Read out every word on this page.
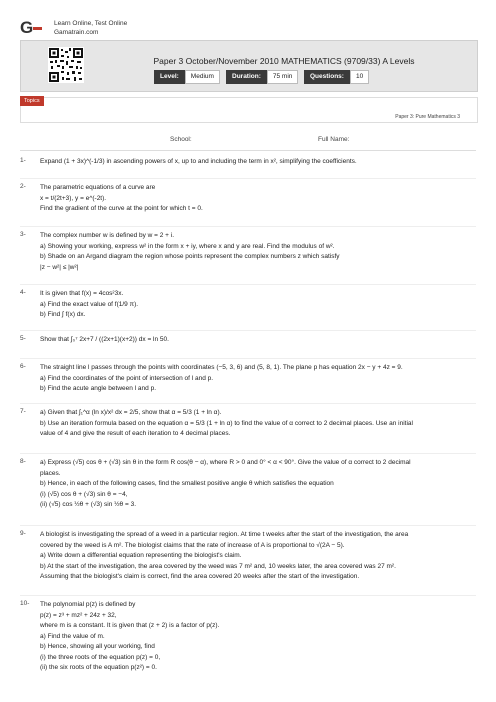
G	Learn Online, Test Online
Gamatrain.com
Paper 3 October/November 2010 MATHEMATICS (9709/33) A Levels
Level:	Medium	Duration:	75 min	Questions:	10
Topics
Paper 3: Pure Mathematics 3
School:	Full Name:
1- Expand (1 + 3x)^(-1/3) in ascending powers of x, up to and including the term in x², simplifying the coefficients.
2- The parametric equations of a curve are
x = t/(2t+3), y = e^(-2t).
Find the gradient of the curve at the point for which t = 0.
3- The complex number w is defined by w = 2 + i.
a) Showing your working, express w² in the form x + iy, where x and y are real. Find the modulus of w².
b) Shade on an Argand diagram the region whose points represent the complex numbers z which satisfy
|z − w²| ≤ |w²|
4- It is given that f(x) = 4cos²3x.
a) Find the exact value of f(1/9 π).
b) Find ∫ f(x) dx.
5- Show that ∫₀⁷ 2x+7 / ((2x+1)(x+2)) dx = ln 50.
6- The straight line l passes through the points with coordinates (−5, 3, 6) and (5, 8, 1). The plane p has equation 2x − y + 4z = 9.
a) Find the coordinates of the point of intersection of l and p.
b) Find the acute angle between l and p.
7- a) Given that ∫₁^α (ln x)/x² dx = 2/5, show that α = 5/3 (1 + ln α).
b) Use an iteration formula based on the equation α = 5/3 (1 + ln α) to find the value of α correct to 2 decimal places. Use an initial
value of 4 and give the result of each iteration to 4 decimal places.
8- a) Express (√5) cos θ + (√3) sin θ in the form R cos(θ − α), where R > 0 and 0° < α < 90°. Give the value of α correct to 2 decimal
places.
b) Hence, in each of the following cases, find the smallest positive angle θ which satisfies the equation
(i) (√5) cos θ + (√3) sin θ = −4,
(ii) (√5) cos ½θ + (√3) sin ½θ = 3.
9- A biologist is investigating the spread of a weed in a particular region. At time t weeks after the start of the investigation, the area
covered by the weed is A m². The biologist claims that the rate of increase of A is proportional to √(2A − 5).
a) Write down a differential equation representing the biologist's claim.
b) At the start of the investigation, the area covered by the weed was 7 m² and, 10 weeks later, the area covered was 27 m².
Assuming that the biologist's claim is correct, find the area covered 20 weeks after the start of the investigation.
10- The polynomial p(z) is defined by
p(z) = z³ + mz² + 24z + 32,
where m is a constant. It is given that (z + 2) is a factor of p(z).
a) Find the value of m.
b) Hence, showing all your working, find
(i) the three roots of the equation p(z) = 0,
(ii) the six roots of the equation p(z²) = 0.
